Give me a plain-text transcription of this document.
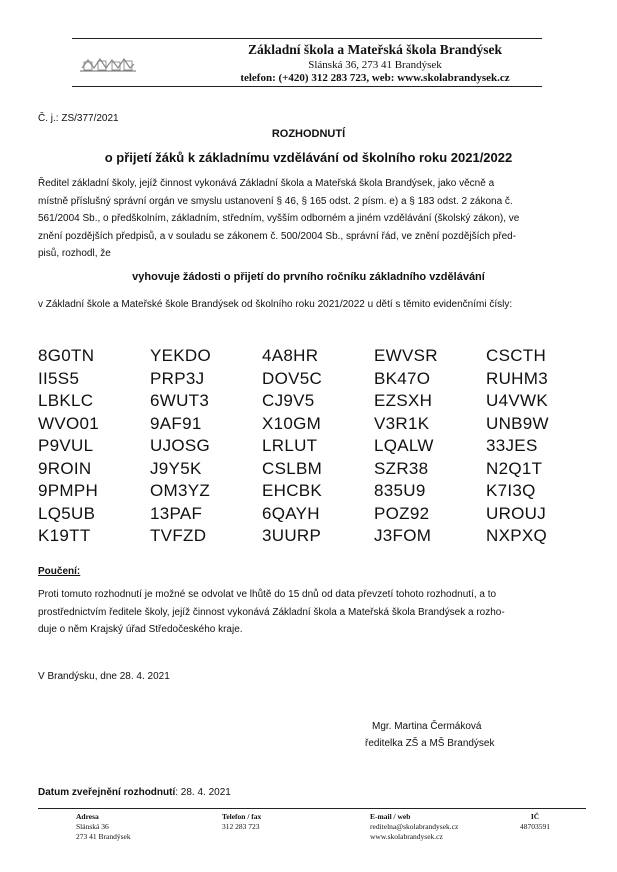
Základní škola a Mateřská škola Brandýsek
Slánská 36, 273 41 Brandýsek
telefon: (+420) 312 283 723, web: www.skolabrandysek.cz
Č. j.: ZS/377/2021
ROZHODNUTÍ
o přijetí žáků k základnímu vzdělávání od školního roku 2021/2022
Ředitel základní školy, jejíž činnost vykonává Základní škola a Mateřská škola Brandýsek, jako věcně a
místně příslušný správní orgán ve smyslu ustanovení § 46, § 165 odst. 2 písm. e) a § 183 odst. 2 zákona č.
561/2004 Sb., o předškolním, základním, středním, vyšším odborném a jiném vzdělávání (školský zákon), ve
znění pozdějších předpisů, a v souladu se zákonem č. 500/2004 Sb., správní řád, ve znění pozdějších před-
pisů, rozhodl, že
vyhovuje žádosti o přijetí do prvního ročníku základního vzdělávání
v Základní škole a Mateřské škole Brandýsek od školního roku 2021/2022 u dětí s těmito evidenčními čísly:
8G0TN	YEKDO	4A8HR	EWVSR	CSCTH
II5S5	PRP3J	DOV5C	BK47O	RUHM3
LBKLC	6WUT3	CJ9V5	EZSXH	U4VWK
WVO01	9AF91	X10GM	V3R1K	UNB9W
P9VUL	UJOSG	LRLUT	LQALW	33JES
9ROIN	J9Y5K	CSLBM	SZR38	N2Q1T
9PMPH	OM3YZ	EHCBK	835U9	K7I3Q
LQ5UB	13PAF	6QAYH	POZ92	UROUJ
K19TT	TVFZD	3UURP	J3FOM	NXPXQ
Poučení:
Proti tomuto rozhodnutí je možné se odvolat ve lhůtě do 15 dnů od data převzetí tohoto rozhodnutí, a to
prostřednictvím ředitele školy, jejíž činnost vykonává Základní škola a Mateřská škola Brandýsek a rozho-
duje o něm Krajský úřad Středočeského kraje.
V Brandýsku, dne 28. 4. 2021
Mgr. Martina Čermáková
ředitelka ZŠ a MŠ Brandýsek
Datum zveřejnění rozhodnutí: 28. 4. 2021
Adresa
Slánská 36
273 41 Brandýsek
Telefon / fax
312 283 723
E-mail / web
reditelna@skolabrandysek.cz
www.skolabrandysek.cz
IČ
48703591
